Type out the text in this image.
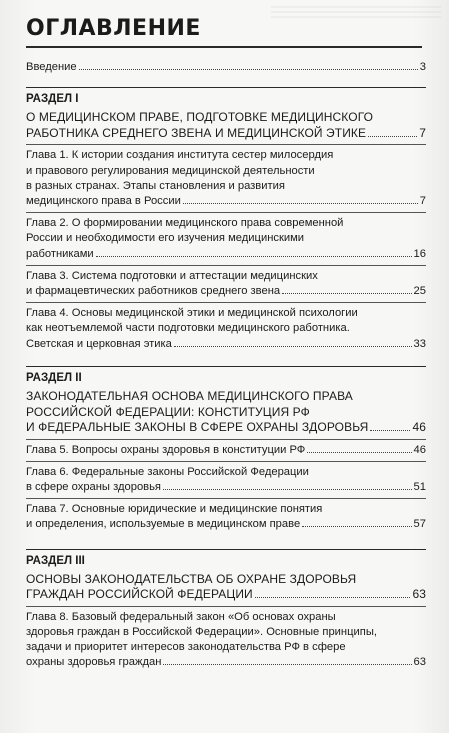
ОГЛАВЛЕНИЕ
Введение	3
РАЗДЕЛ I
О МЕДИЦИНСКОМ ПРАВЕ, ПОДГОТОВКЕ МЕДИЦИНСКОГО
РАБОТНИКА СРЕДНЕГО ЗВЕНА И МЕДИЦИНСКОЙ ЭТИКЕ	7
Глава 1. К истории создания института сестер милосердия
и правового регулирования медицинской деятельности
в разных странах. Этапы становления и развития
медицинского права в России	7
Глава 2. О формировании медицинского права современной
России и необходимости его изучения медицинскими
работниками	16
Глава 3. Система подготовки и аттестации медицинских
и фармацевтических работников среднего звена	25
Глава 4. Основы медицинской этики и медицинской психологии
как неотъемлемой части подготовки медицинского работника.
Светская и церковная этика	33
РАЗДЕЛ II
ЗАКОНОДАТЕЛЬНАЯ ОСНОВА МЕДИЦИНСКОГО ПРАВА
РОССИЙСКОЙ ФЕДЕРАЦИИ: КОНСТИТУЦИЯ РФ
И ФЕДЕРАЛЬНЫЕ ЗАКОНЫ В СФЕРЕ ОХРАНЫ ЗДОРОВЬЯ	46
Глава 5. Вопросы охраны здоровья в конституции РФ	46
Глава 6. Федеральные законы Российской Федерации
в сфере охраны здоровья	51
Глава 7. Основные юридические и медицинские понятия
и определения, используемые в медицинском праве	57
РАЗДЕЛ III
ОСНОВЫ ЗАКОНОДАТЕЛЬСТВА ОБ ОХРАНЕ ЗДОРОВЬЯ
ГРАЖДАН РОССИЙСКОЙ ФЕДЕРАЦИИ	63
Глава 8. Базовый федеральный закон «Об основах охраны
здоровья граждан в Российской Федерации». Основные принципы,
задачи и приоритет интересов законодательства РФ в сфере
охраны здоровья граждан	63
